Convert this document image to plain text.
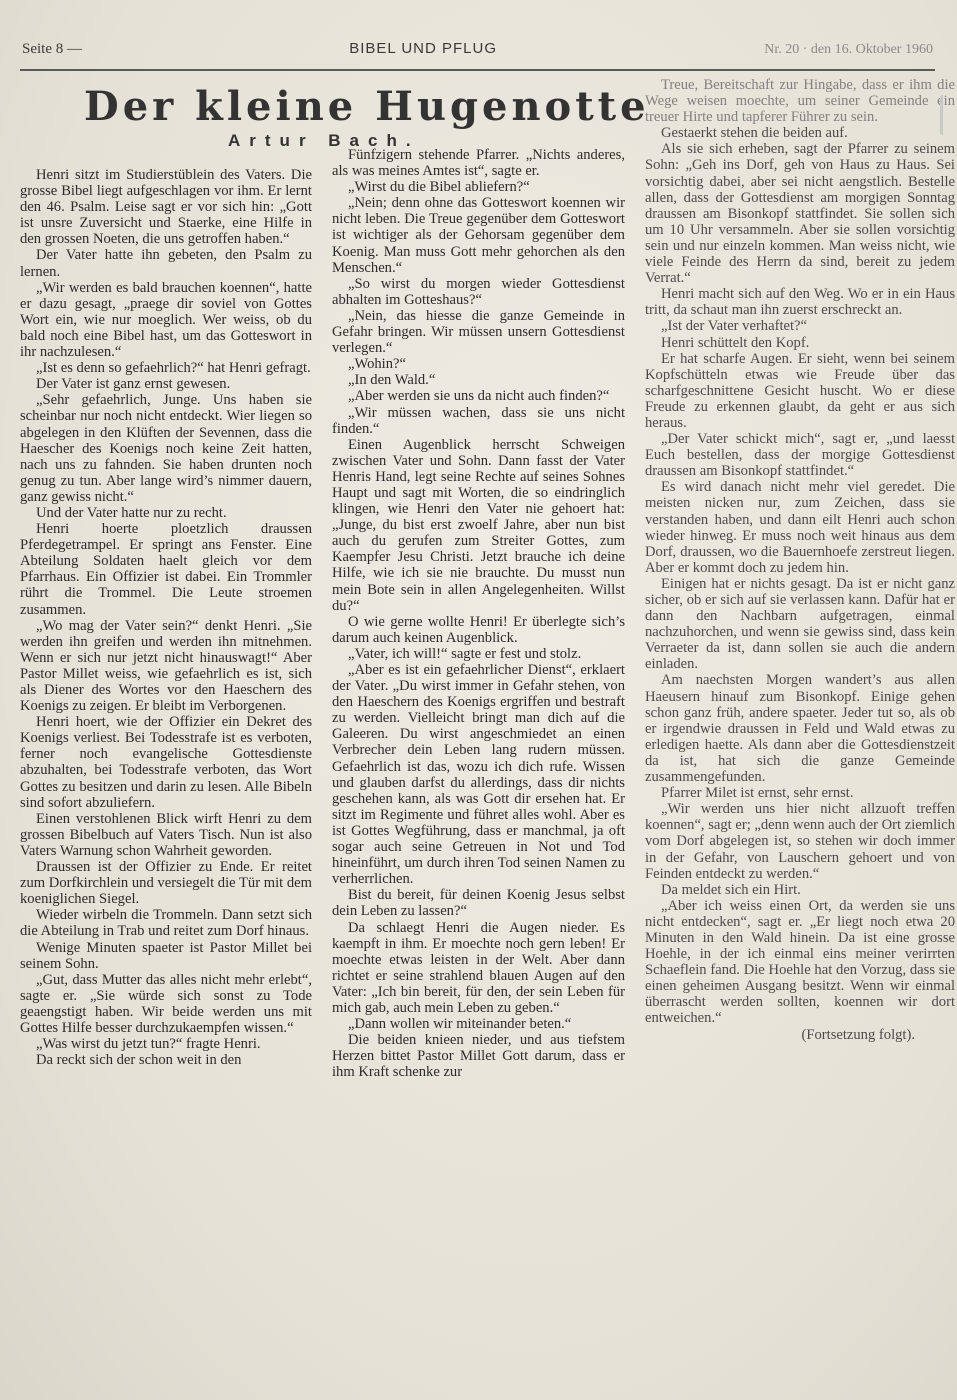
Seite 8 —	BIBEL UND PFLUG	Nr. 20 · den 16. Oktober 1960
Der kleine Hugenotte
Artur Bach.

Henri sitzt im Studierstüblein des Vaters. Die grosse Bibel liegt aufgeschlagen vor ihm. Er lernt den 46. Psalm. Leise sagt er vor sich hin: „Gott ist unsre Zuversicht und Staerke, eine Hilfe in den grossen Noeten, die uns getroffen haben.“

Der Vater hatte ihn gebeten, den Psalm zu lernen.

„Wir werden es bald brauchen koennen“, hatte er dazu gesagt, „praege dir soviel von Gottes Wort ein, wie nur moeglich. Wer weiss, ob du bald noch eine Bibel hast, um das Gotteswort in ihr nachzulesen.“

„Ist es denn so gefaehrlich?“ hat Henri gefragt.

Der Vater ist ganz ernst gewesen.

„Sehr gefaehrlich, Junge. Uns haben sie scheinbar nur noch nicht entdeckt. Wier liegen so abgelegen in den Klüften der Sevennen, dass die Haescher des Koenigs noch keine Zeit hatten, nach uns zu fahnden. Sie haben drunten noch genug zu tun. Aber lange wird’s nimmer dauern, ganz gewiss nicht.“

Und der Vater hatte nur zu recht.

Henri hoerte ploetzlich draussen Pferdegetrampel. Er springt ans Fenster. Eine Abteilung Soldaten haelt gleich vor dem Pfarrhaus. Ein Offizier ist dabei. Ein Trommler rührt die Trommel. Die Leute stroemen zusammen.

„Wo mag der Vater sein?“ denkt Henri. „Sie werden ihn greifen und werden ihn mitnehmen. Wenn er sich nur jetzt nicht hinauswagt!“ Aber Pastor Millet weiss, wie gefaehrlich es ist, sich als Diener des Wortes vor den Haeschern des Koenigs zu zeigen. Er bleibt im Verborgenen.

Henri hoert, wie der Offizier ein Dekret des Koenigs verliest. Bei Todesstrafe ist es verboten, ferner noch evangelische Gottesdienste abzuhalten, bei Todesstrafe verboten, das Wort Gottes zu besitzen und darin zu lesen. Alle Bibeln sind sofort abzuliefern.

Einen verstohlenen Blick wirft Henri zu dem grossen Bibelbuch auf Vaters Tisch. Nun ist also Vaters Warnung schon Wahrheit geworden.

Draussen ist der Offizier zu Ende. Er reitet zum Dorfkirchlein und versiegelt die Tür mit dem koeniglichen Siegel.

Wieder wirbeln die Trommeln. Dann setzt sich die Abteilung in Trab und reitet zum Dorf hinaus.

Wenige Minuten spaeter ist Pastor Millet bei seinem Sohn.

„Gut, dass Mutter das alles nicht mehr erlebt“, sagte er. „Sie würde sich sonst zu Tode geaengstigt haben. Wir beide werden uns mit Gottes Hilfe besser durchzukaempfen wissen.“

„Was wirst du jetzt tun?“ fragte Henri.

Da reckt sich der schon weit in den

Fünfzigern stehende Pfarrer. „Nichts anderes, als was meines Amtes ist“, sagte er.

„Wirst du die Bibel abliefern?“

„Nein; denn ohne das Gotteswort koennen wir nicht leben. Die Treue gegenüber dem Gotteswort ist wichtiger als der Gehorsam gegenüber dem Koenig. Man muss Gott mehr gehorchen als den Menschen.“

„So wirst du morgen wieder Gottesdienst abhalten im Gotteshaus?“

„Nein, das hiesse die ganze Gemeinde in Gefahr bringen. Wir müssen unsern Gottesdienst verlegen.“

„Wohin?“

„In den Wald.“

„Aber werden sie uns da nicht auch finden?“

„Wir müssen wachen, dass sie uns nicht finden.“

Einen Augenblick herrscht Schweigen zwischen Vater und Sohn. Dann fasst der Vater Henris Hand, legt seine Rechte auf seines Sohnes Haupt und sagt mit Worten, die so eindringlich klingen, wie Henri den Vater nie gehoert hat: „Junge, du bist erst zwoelf Jahre, aber nun bist auch du gerufen zum Streiter Gottes, zum Kaempfer Jesu Christi. Jetzt brauche ich deine Hilfe, wie ich sie nie brauchte. Du musst nun mein Bote sein in allen Angelegenheiten. Willst du?“

O wie gerne wollte Henri! Er überlegte sich’s darum auch keinen Augenblick.

„Vater, ich will!“ sagte er fest und stolz.

„Aber es ist ein gefaehrlicher Dienst“, erklaert der Vater. „Du wirst immer in Gefahr stehen, von den Haeschern des Koenigs ergriffen und bestraft zu werden. Vielleicht bringt man dich auf die Galeeren. Du wirst angeschmiedet an einen Verbrecher dein Leben lang rudern müssen. Gefaehrlich ist das, wozu ich dich rufe. Wissen und glauben darfst du allerdings, dass dir nichts geschehen kann, als was Gott dir ersehen hat. Er sitzt im Regimente und führet alles wohl. Aber es ist Gottes Wegführung, dass er manchmal, ja oft sogar auch seine Getreuen in Not und Tod hineinführt, um durch ihren Tod seinen Namen zu verherrlichen.

Bist du bereit, für deinen Koenig Jesus selbst dein Leben zu lassen?“

Da schlaegt Henri die Augen nieder. Es kaempft in ihm. Er moechte noch gern leben! Er moechte etwas leisten in der Welt. Aber dann richtet er seine strahlend blauen Augen auf den Vater: „Ich bin bereit, für den, der sein Leben für mich gab, auch mein Leben zu geben.“

„Dann wollen wir miteinander beten.“

Die beiden knieen nieder, und aus tiefstem Herzen bittet Pastor Millet Gott darum, dass er ihm Kraft schenke zur

Treue, Bereitschaft zur Hingabe, dass er ihm die Wege weisen moechte, um seiner Gemeinde ein treuer Hirte und tapferer Führer zu sein.

Gestaerkt stehen die beiden auf.

Als sie sich erheben, sagt der Pfarrer zu seinem Sohn: „Geh ins Dorf, geh von Haus zu Haus. Sei vorsichtig dabei, aber sei nicht aengstlich. Bestelle allen, dass der Gottesdienst am morgigen Sonntag draussen am Bisonkopf stattfindet. Sie sollen sich um 10 Uhr versammeln. Aber sie sollen vorsichtig sein und nur einzeln kommen. Man weiss nicht, wie viele Feinde des Herrn da sind, bereit zu jedem Verrat.“

Henri macht sich auf den Weg. Wo er in ein Haus tritt, da schaut man ihn zuerst erschreckt an.

„Ist der Vater verhaftet?“

Henri schüttelt den Kopf.

Er hat scharfe Augen. Er sieht, wenn bei seinem Kopfschütteln etwas wie Freude über das scharfgeschnittene Gesicht huscht. Wo er diese Freude zu erkennen glaubt, da geht er aus sich heraus.

„Der Vater schickt mich“, sagt er, „und laesst Euch bestellen, dass der morgige Gottesdienst draussen am Bisonkopf stattfindet.“

Es wird danach nicht mehr viel geredet. Die meisten nicken nur, zum Zeichen, dass sie verstanden haben, und dann eilt Henri auch schon wieder hinweg. Er muss noch weit hinaus aus dem Dorf, draussen, wo die Bauernhoefe zerstreut liegen. Aber er kommt doch zu jedem hin.

Einigen hat er nichts gesagt. Da ist er nicht ganz sicher, ob er sich auf sie verlassen kann. Dafür hat er dann den Nachbarn aufgetragen, einmal nachzuhorchen, und wenn sie gewiss sind, dass kein Verraeter da ist, dann sollen sie auch die andern einladen.

Am naechsten Morgen wandert’s aus allen Haeusern hinauf zum Bisonkopf. Einige gehen schon ganz früh, andere spaeter. Jeder tut so, als ob er irgendwie draussen in Feld und Wald etwas zu erledigen haette. Als dann aber die Gottesdienstzeit da ist, hat sich die ganze Gemeinde zusammengefunden.

Pfarrer Milet ist ernst, sehr ernst.

„Wir werden uns hier nicht allzuoft treffen koennen“, sagt er; „denn wenn auch der Ort ziemlich vom Dorf abgelegen ist, so stehen wir doch immer in der Gefahr, von Lauschern gehoert und von Feinden entdeckt zu werden.“

Da meldet sich ein Hirt.

„Aber ich weiss einen Ort, da werden sie uns nicht entdecken“, sagt er. „Er liegt noch etwa 20 Minuten in den Wald hinein. Da ist eine grosse Hoehle, in der ich einmal eins meiner verirrten Schaeflein fand. Die Hoehle hat den Vorzug, dass sie einen geheimen Ausgang besitzt. Wenn wir einmal überrascht werden sollten, koennen wir dort entweichen.“

(Fortsetzung folgt).
